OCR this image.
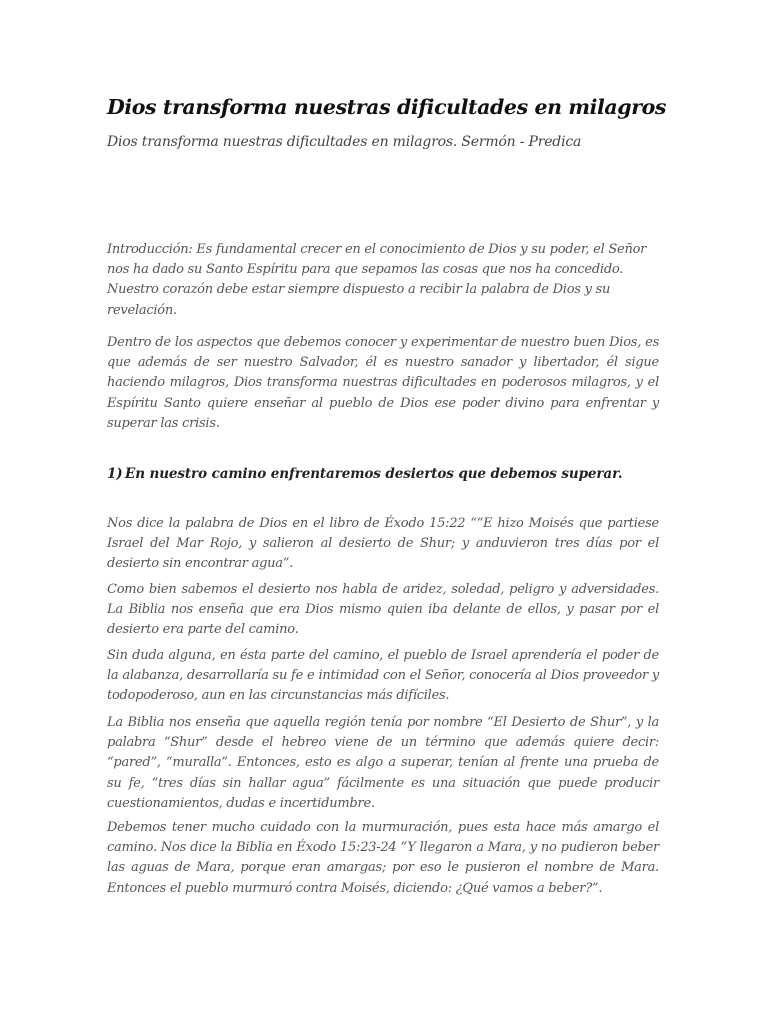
Dios transforma nuestras dificultades en milagros

Dios transforma nuestras dificultades en milagros. Sermón - Predica

Introducción: Es fundamental crecer en el conocimiento de Dios y su poder, el Señor nos ha dado su Santo Espíritu para que sepamos las cosas que nos ha concedido. Nuestro corazón debe estar siempre dispuesto a recibir la palabra de Dios y su revelación.

Dentro de los aspectos que debemos conocer y experimentar de nuestro buen Dios, es que además de ser nuestro Salvador, él es nuestro sanador y libertador, él sigue haciendo milagros, Dios transforma nuestras dificultades en poderosos milagros, y el Espíritu Santo quiere enseñar al pueblo de Dios ese poder divino para enfrentar y superar las crisis.

1) En nuestro camino enfrentaremos desiertos que debemos superar.

Nos dice la palabra de Dios en el libro de Éxodo 15:22 ““E hizo Moisés que partiese Israel del Mar Rojo, y salieron al desierto de Shur; y anduvieron tres días por el desierto sin encontrar agua”.

Como bien sabemos el desierto nos habla de aridez, soledad, peligro y adversidades. La Biblia nos enseña que era Dios mismo quien iba delante de ellos, y pasar por el desierto era parte del camino.

Sin duda alguna, en ésta parte del camino, el pueblo de Israel aprendería el poder de la alabanza, desarrollaría su fe e intimidad con el Señor, conocería al Dios proveedor y todopoderoso, aun en las circunstancias más difíciles.

La Biblia nos enseña que aquella región tenía por nombre “El Desierto de Shur”, y la palabra “Shur” desde el hebreo viene de un término que además quiere decir: “pared”, “muralla”. Entonces, esto es algo a superar, tenían al frente una prueba de su fe, “tres días sin hallar agua” fácilmente es una situación que puede producir cuestionamientos, dudas e incertidumbre.

Debemos tener mucho cuidado con la murmuración, pues esta hace más amargo el camino. Nos dice la Biblia en Éxodo 15:23-24 “Y llegaron a Mara, y no pudieron beber las aguas de Mara, porque eran amargas; por eso le pusieron el nombre de Mara. Entonces el pueblo murmuró contra Moisés, diciendo: ¿Qué vamos a beber?”.
